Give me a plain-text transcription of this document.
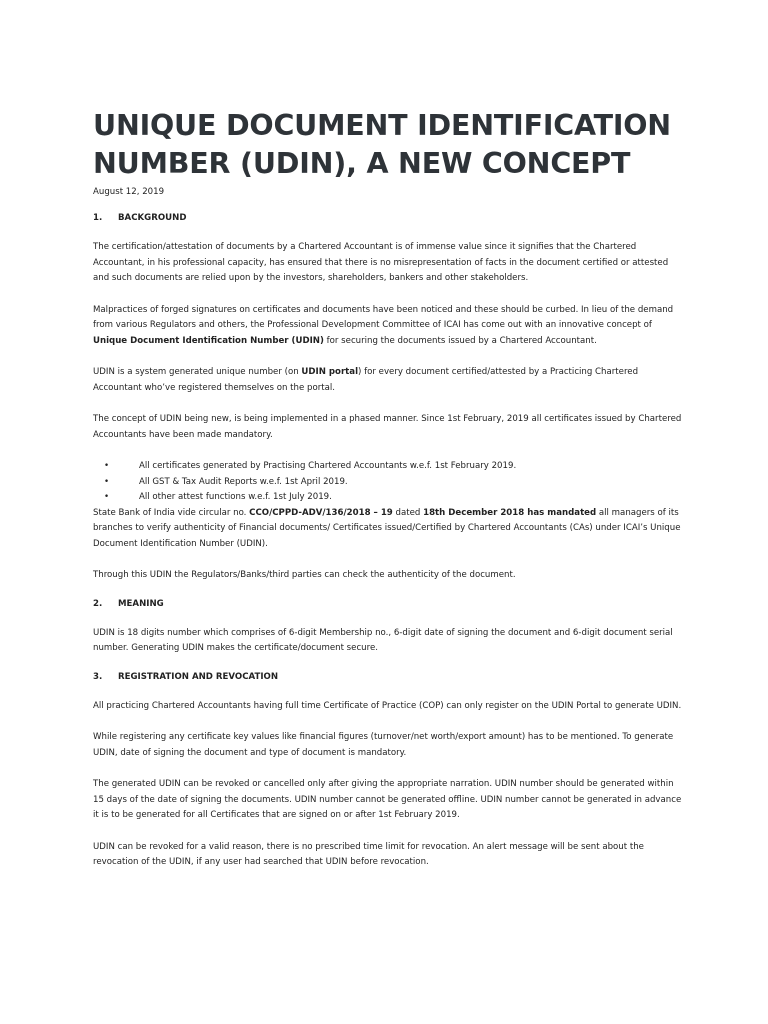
UNIQUE DOCUMENT IDENTIFICATION NUMBER (UDIN), A NEW CONCEPT
August 12, 2019
1.	BACKGROUND

The certification/attestation of documents by a Chartered Accountant is of immense value since it signifies that the Chartered Accountant, in his professional capacity, has ensured that there is no misrepresentation of facts in the document certified or attested and such documents are relied upon by the investors, shareholders, bankers and other stakeholders.

Malpractices of forged signatures on certificates and documents have been noticed and these should be curbed. In lieu of the demand from various Regulators and others, the Professional Development Committee of ICAI has come out with an innovative concept of Unique Document Identification Number (UDIN) for securing the documents issued by a Chartered Accountant.

UDIN is a system generated unique number (on UDIN portal) for every document certified/attested by a Practicing Chartered Accountant who’ve registered themselves on the portal.

The concept of UDIN being new, is being implemented in a phased manner. Since 1st February, 2019 all certificates issued by Chartered Accountants have been made mandatory.

•	All certificates generated by Practising Chartered Accountants w.e.f. 1st February 2019.
•	All GST & Tax Audit Reports w.e.f. 1st April 2019.
•	All other attest functions w.e.f. 1st July 2019.

State Bank of India vide circular no. CCO/CPPD-ADV/136/2018 – 19 dated 18th December 2018 has mandated all managers of its branches to verify authenticity of Financial documents/ Certificates issued/Certified by Chartered Accountants (CAs) under ICAI’s Unique Document Identification Number (UDIN).

Through this UDIN the Regulators/Banks/third parties can check the authenticity of the document.

2.	MEANING

UDIN is 18 digits number which comprises of 6-digit Membership no., 6-digit date of signing the document and 6-digit document serial number. Generating UDIN makes the certificate/document secure.

3.	REGISTRATION AND REVOCATION

All practicing Chartered Accountants having full time Certificate of Practice (COP) can only register on the UDIN Portal to generate UDIN.

While registering any certificate key values like financial figures (turnover/net worth/export amount) has to be mentioned. To generate UDIN, date of signing the document and type of document is mandatory.

The generated UDIN can be revoked or cancelled only after giving the appropriate narration. UDIN number should be generated within 15 days of the date of signing the documents. UDIN number cannot be generated offline. UDIN number cannot be generated in advance it is to be generated for all Certificates that are signed on or after 1st February 2019.

UDIN can be revoked for a valid reason, there is no prescribed time limit for revocation. An alert message will be sent about the revocation of the UDIN, if any user had searched that UDIN before revocation.
